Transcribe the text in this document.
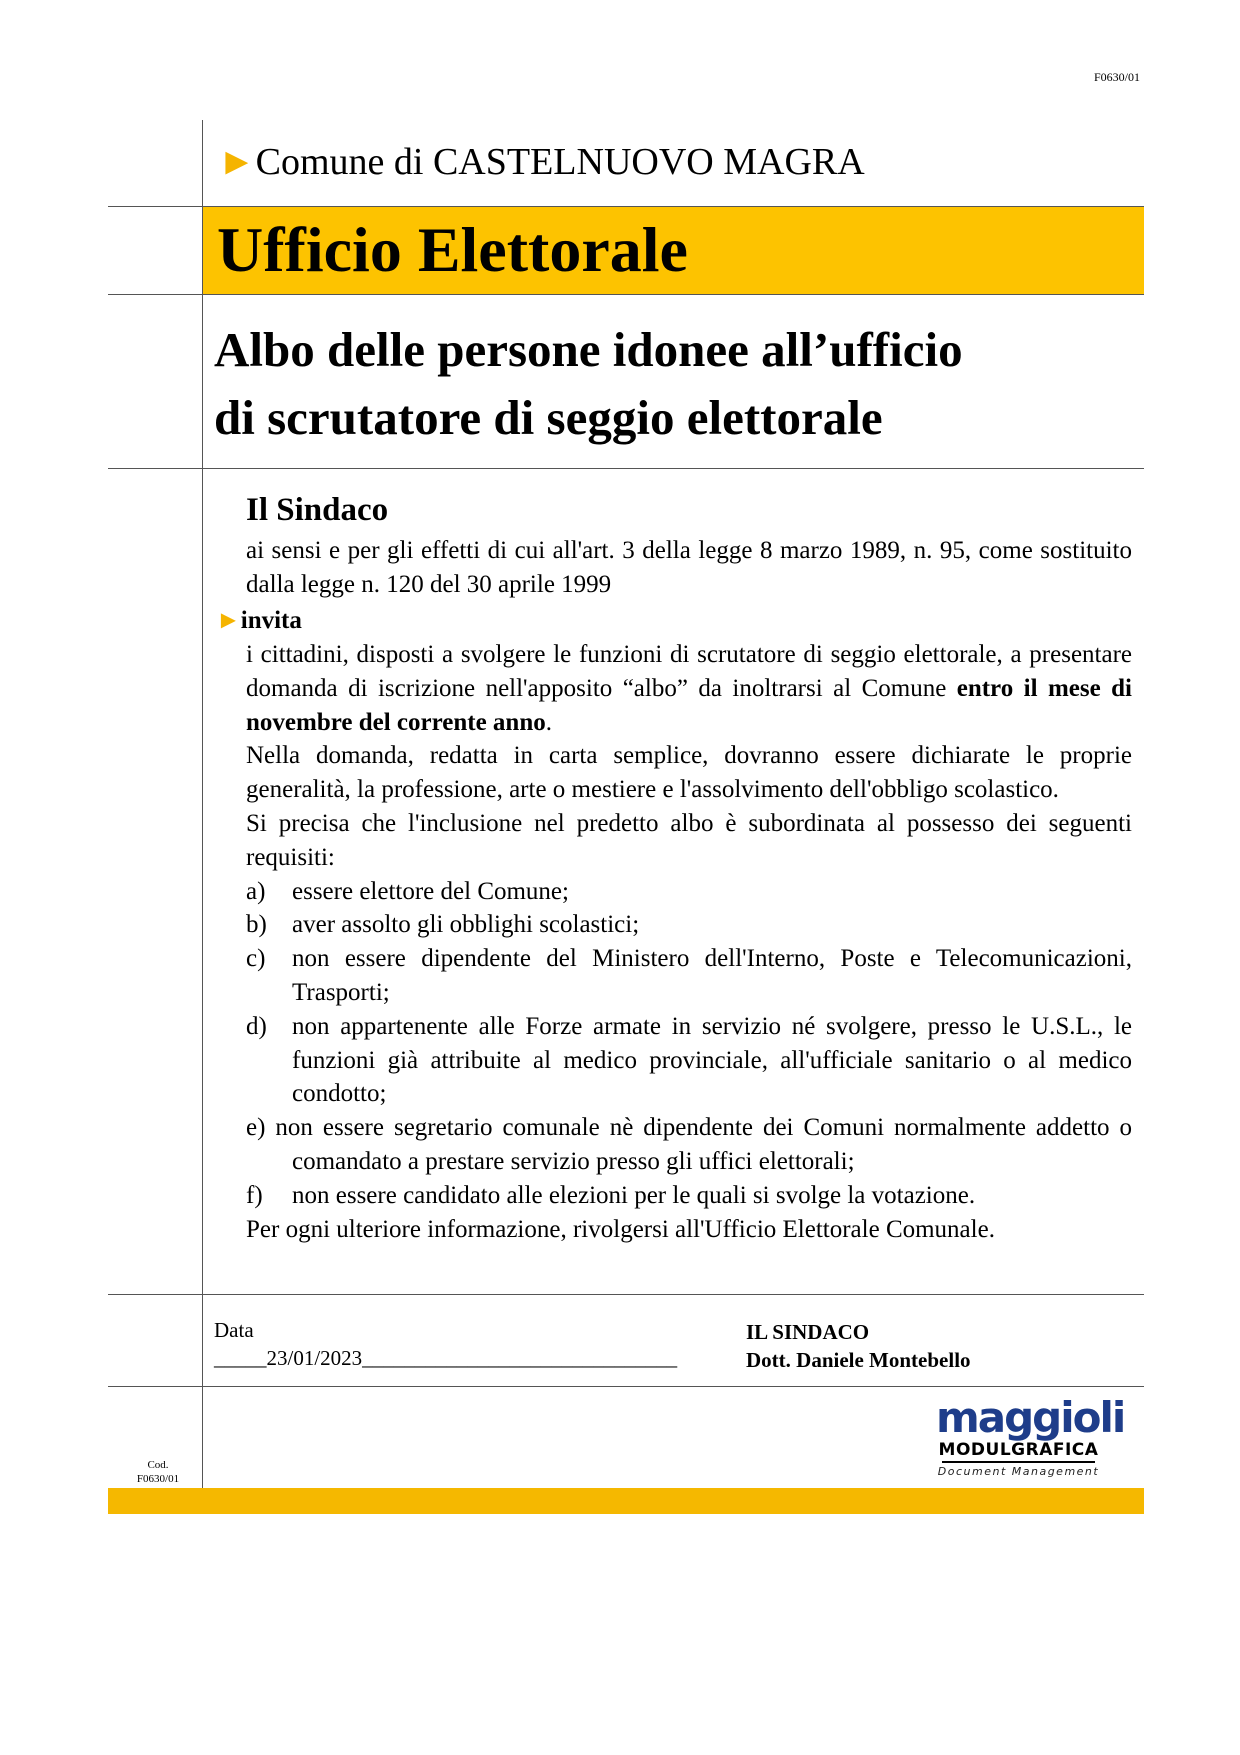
F0630/01
►Comune di CASTELNUOVO MAGRA
Ufficio Elettorale
Albo delle persone idonee all’ufficio
di scrutatore di seggio elettorale
Il Sindaco
ai sensi e per gli effetti di cui all'art. 3 della legge 8 marzo 1989, n. 95, come sostituito dalla legge n. 120 del 30 aprile 1999
►invita
i cittadini, disposti a svolgere le funzioni di scrutatore di seggio elettorale, a presentare domanda di iscrizione nell'apposito “albo” da inoltrarsi al Comune entro il mese di novembre del corrente anno.
Nella domanda, redatta in carta semplice, dovranno essere dichiarate le proprie generalità, la professione, arte o mestiere e l'assolvimento dell'obbligo scolastico.
Si precisa che l'inclusione nel predetto albo è subordinata al possesso dei seguenti requisiti:
a)	essere elettore del Comune;
b)	aver assolto gli obblighi scolastici;
c)	non essere dipendente del Ministero dell'Interno, Poste e Telecomunicazioni, Trasporti;
d)	non appartenente alle Forze armate in servizio né svolgere, presso le U.S.L., le funzioni già attribuite al medico provinciale, all'ufficiale sanitario o al medico condotto;
e) non essere segretario comunale nè dipendente dei Comuni normalmente addetto o comandato a prestare servizio presso gli uffici elettorali;
f)	non essere candidato alle elezioni per le quali si svolge la votazione.
Per ogni ulteriore informazione, rivolgersi all'Ufficio Elettorale Comunale.
Data
_____23/01/2023______________________________
IL SINDACO
Dott. Daniele Montebello
maggioli
MODULGRAFICA
Document Management
Cod.
F0630/01
